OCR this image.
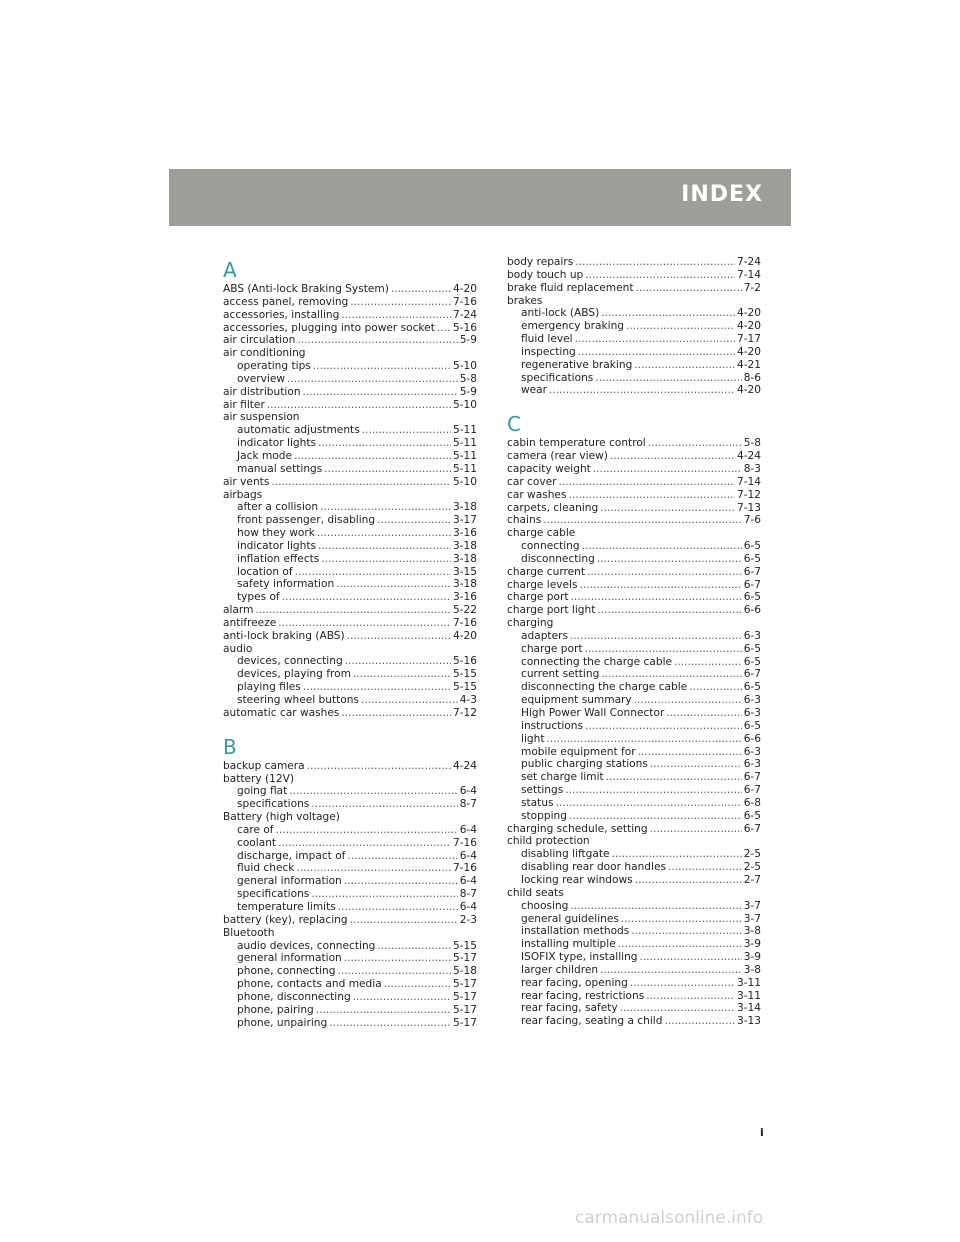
INDEX
A
ABS (Anti-lock Braking System) .....	4-20
access panel, removing .....	7-16
accessories, installing .....	7-24
accessories, plugging into power socket ..... 5-16
air circulation .....	5-9
air conditioning
operating tips .....	5-10
overview .....	5-8
air distribution .....	5-9
air filter .....	5-10
air suspension
automatic adjustments .....	5-11
indicator lights .....	5-11
Jack mode .....	5-11
manual settings .....	5-11
air vents .....	5-10
airbags
after a collision .....	3-18
front passenger, disabling .....	3-17
how they work .....	3-16
indicator lights .....	3-18
inflation effects .....	3-18
location of .....	3-15
safety information .....	3-18
types of .....	3-16
alarm .....	5-22
antifreeze .....	7-16
anti-lock braking (ABS) .....	4-20
audio
devices, connecting .....	5-16
devices, playing from .....	5-15
playing files .....	5-15
steering wheel buttons .....	4-3
automatic car washes .....	7-12
B
backup camera .....	4-24
battery (12V)
going flat .....	6-4
specifications .....	8-7
Battery (high voltage)
care of .....	6-4
coolant .....	7-16
discharge, impact of .....	6-4
fluid check .....	7-16
general information .....	6-4
specifications .....	8-7
temperature limits .....	6-4
battery (key), replacing .....	2-3
Bluetooth
audio devices, connecting .....	5-15
general information .....	5-17
phone, connecting .....	5-18
phone, contacts and media .....	5-17
phone, disconnecting .....	5-17
phone, pairing .....	5-17
phone, unpairing .....	5-17
body repairs .....	7-24
body touch up .....	7-14
brake fluid replacement .....	7-2
brakes
anti-lock (ABS) .....	4-20
emergency braking .....	4-20
fluid level .....	7-17
inspecting .....	4-20
regenerative braking .....	4-21
specifications .....	8-6
wear .....	4-20
C
cabin temperature control .....	5-8
camera (rear view) .....	4-24
capacity weight .....	8-3
car cover .....	7-14
car washes .....	7-12
carpets, cleaning .....	7-13
chains .....	7-6
charge cable
connecting .....	6-5
disconnecting .....	6-5
charge current .....	6-7
charge levels .....	6-7
charge port .....	6-5
charge port light .....	6-6
charging
adapters .....	6-3
charge port .....	6-5
connecting the charge cable .....	6-5
current setting .....	6-7
disconnecting the charge cable .....	6-5
equipment summary .....	6-3
High Power Wall Connector .....	6-3
instructions .....	6-5
light .....	6-6
mobile equipment for .....	6-3
public charging stations .....	6-3
set charge limit .....	6-7
settings .....	6-7
status .....	6-8
stopping .....	6-5
charging schedule, setting .....	6-7
child protection
disabling liftgate .....	2-5
disabling rear door handles .....	2-5
locking rear windows .....	2-7
child seats
choosing .....	3-7
general guidelines .....	3-7
installation methods .....	3-8
installing multiple .....	3-9
ISOFIX type, installing .....	3-9
larger children .....	3-8
rear facing, opening .....	3-11
rear facing, restrictions .....	3-11
rear facing, safety .....	3-14
rear facing, seating a child .....	3-13
i
carmanualsonline.info
